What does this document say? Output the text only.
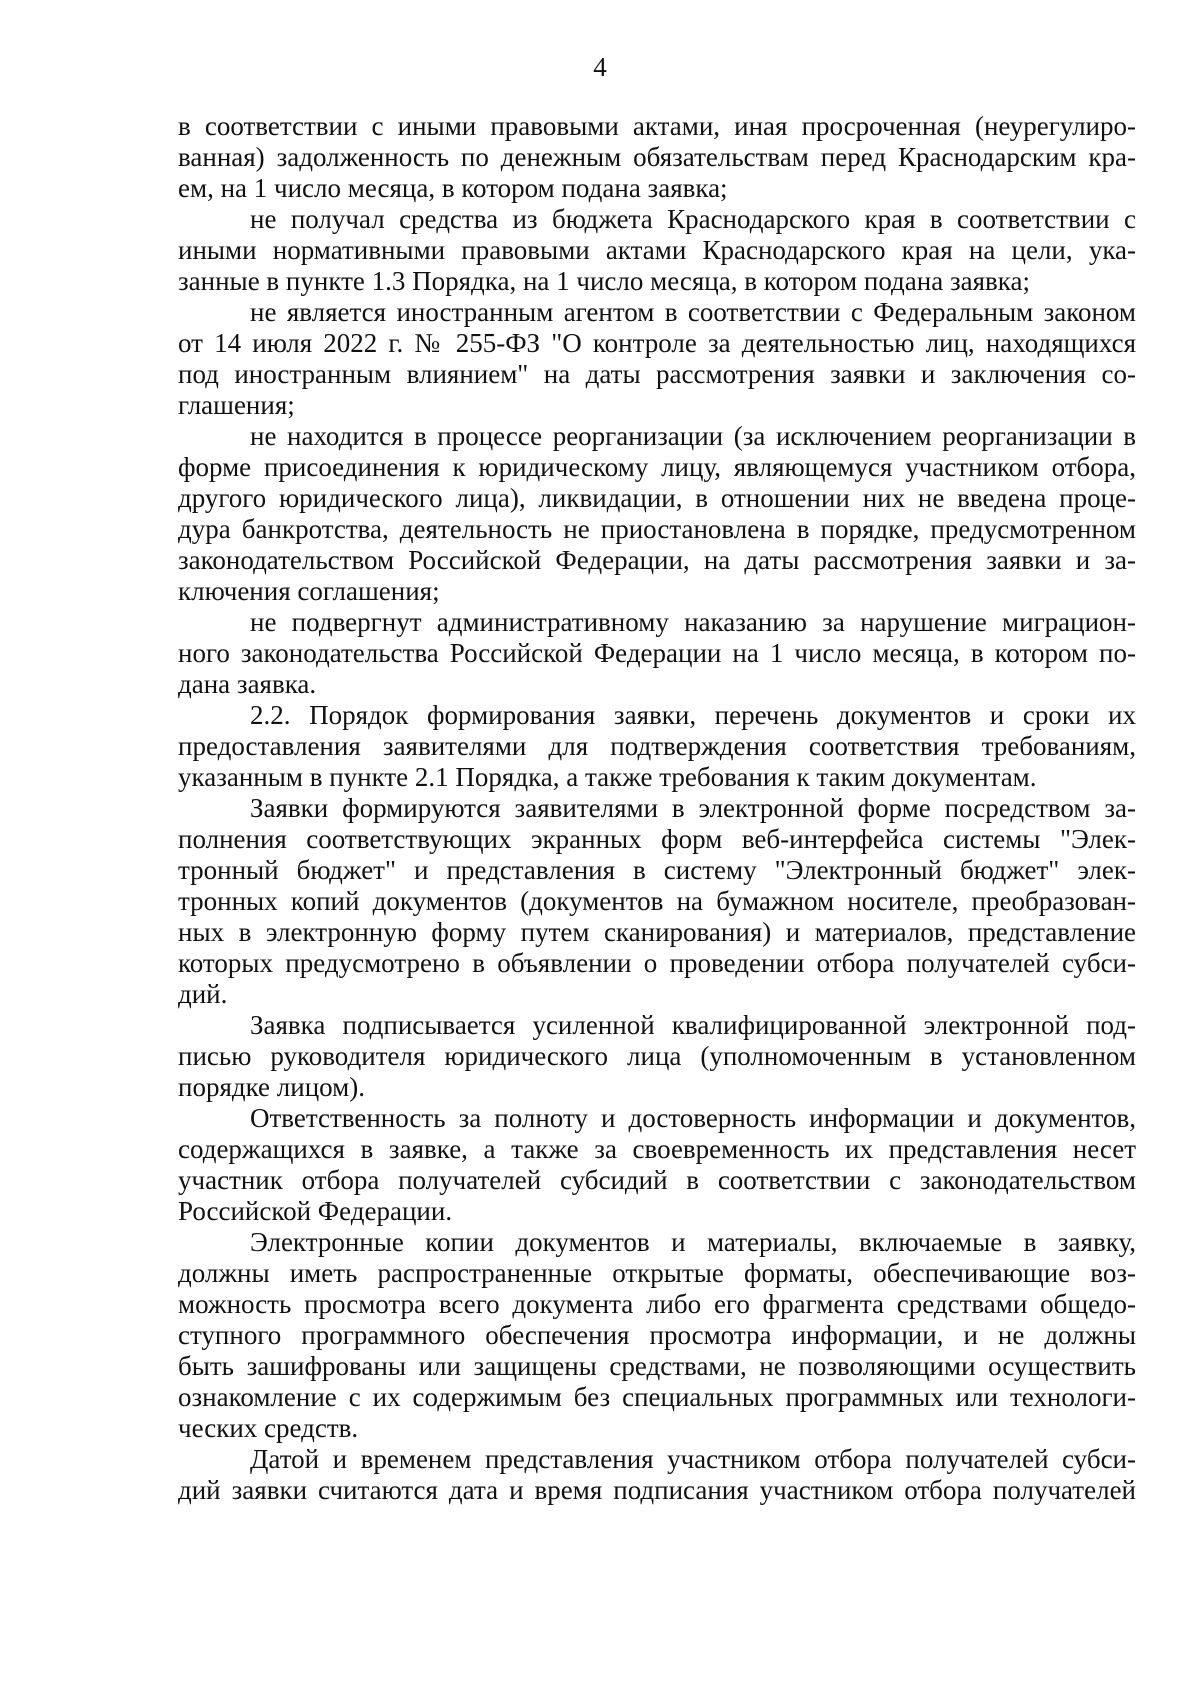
4
в соответствии с иными правовыми актами, иная просроченная (неурегулиро-
ванная) задолженность по денежным обязательствам перед Краснодарским кра-
ем, на 1 число месяца, в котором подана заявка;
не получал средства из бюджета Краснодарского края в соответствии с
иными нормативными правовыми актами Краснодарского края на цели, ука-
занные в пункте 1.3 Порядка, на 1 число месяца, в котором подана заявка;
не является иностранным агентом в соответствии с Федеральным законом
от 14 июля 2022 г. № 255-ФЗ "О контроле за деятельностью лиц, находящихся
под иностранным влиянием" на даты рассмотрения заявки и заключения со-
глашения;
не находится в процессе реорганизации (за исключением реорганизации в
форме присоединения к юридическому лицу, являющемуся участником отбора,
другого юридического лица), ликвидации, в отношении них не введена проце-
дура банкротства, деятельность не приостановлена в порядке, предусмотренном
законодательством Российской Федерации, на даты рассмотрения заявки и за-
ключения соглашения;
не подвергнут административному наказанию за нарушение миграцион-
ного законодательства Российской Федерации на 1 число месяца, в котором по-
дана заявка.
2.2. Порядок формирования заявки, перечень документов и сроки их
предоставления заявителями для подтверждения соответствия требованиям,
указанным в пункте 2.1 Порядка, а также требования к таким документам.
Заявки формируются заявителями в электронной форме посредством за-
полнения соответствующих экранных форм веб-интерфейса системы "Элек-
тронный бюджет" и представления в систему "Электронный бюджет" элек-
тронных копий документов (документов на бумажном носителе, преобразован-
ных в электронную форму путем сканирования) и материалов, представление
которых предусмотрено в объявлении о проведении отбора получателей субси-
дий.
Заявка подписывается усиленной квалифицированной электронной под-
писью руководителя юридического лица (уполномоченным в установленном
порядке лицом).
Ответственность за полноту и достоверность информации и документов,
содержащихся в заявке, а также за своевременность их представления несет
участник отбора получателей субсидий в соответствии с законодательством
Российской Федерации.
Электронные копии документов и материалы, включаемые в заявку,
должны иметь распространенные открытые форматы, обеспечивающие воз-
можность просмотра всего документа либо его фрагмента средствами общедо-
ступного программного обеспечения просмотра информации, и не должны
быть зашифрованы или защищены средствами, не позволяющими осуществить
ознакомление с их содержимым без специальных программных или технологи-
ческих средств.
Датой и временем представления участником отбора получателей субси-
дий заявки считаются дата и время подписания участником отбора получателей
